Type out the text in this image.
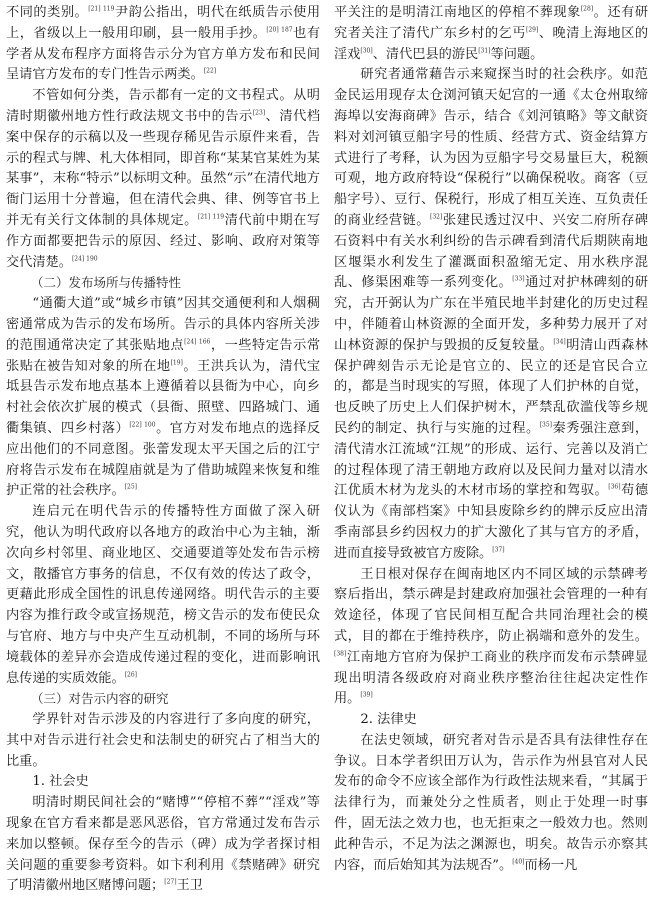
不同的类别。$^{[21] 119}$尹韵公指出，明代在纸质告示使用上，省级以上一般用印刷，县一般用手抄。$^{[20] 187}$也有学者从发布程序方面将告示分为官方单方发布和民间呈请官方发布的专门性告示两类。[22]

不管如何分类，告示都有一定的文书程式。从明清时期徽州地方性行政法规文书中的告示[23]、清代档案中保存的示稿以及一些现存稀见告示原件来看，告示的程式与牌、札大体相同，即首称“某某官某姓为某某事”，末称“特示”以标明文种。虽然“示”在清代地方衙门运用十分普遍，但在清代会典、律、例等官书上并无有关行文体制的具体规定。$^{[21] 119}$清代前中期在写作方面都要把告示的原因、经过、影响、政府对策等交代清楚。$^{[24] 190}$

（二）发布场所与传播特性

“通衢大道”或“城乡市镇”因其交通便利和人烟稠密通常成为告示的发布场所。告示的具体内容所关涉的范围通常决定了其张贴地点$^{[24] 166}$，一些特定告示常张贴在被告知对象的所在地[19]。王洪兵认为，清代宝坻县告示发布地点基本上遵循着以县衙为中心，向乡村社会依次扩展的模式（县衙、照壁、四路城门、通衢集镇、四乡村落）$^{[22] 100}$。官方对发布地点的选择反应出他们的不同意图。张蕾发现太平天国之后的江宁府将告示发布在城隍庙就是为了借助城隍来恢复和维护正常的社会秩序。[25]

连启元在明代告示的传播特性方面做了深入研究，他认为明代政府以各地方的政治中心为主轴，渐次向乡村邻里、商业地区、交通要道等处发布告示榜文，散播官方事务的信息，不仅有效的传达了政令，更藉此形成全国性的讯息传递网络。明代告示的主要内容为推行政令或宣扬规范，榜文告示的发布使民众与官府、地方与中央产生互动机制，不同的场所与环境载体的差异亦会造成传递过程的变化，进而影响讯息传递的实质效能。[26]

（三）对告示内容的研究

学界针对告示涉及的内容进行了多向度的研究，其中对告示进行社会史和法制史的研究占了相当大的比重。

1. 社会史

明清时期民间社会的“赌博”“停棺不葬”“淫戏”等现象在官方看来都是恶风恶俗，官方常通过发布告示来加以整顿。保存至今的告示（碑）成为学者探讨相关问题的重要参考资料。如卞利利用《禁赌碑》研究了明清徽州地区赌博问题；[27]王卫

平关注的是明清江南地区的停棺不葬现象[28]。还有研究者关注了清代广东乡村的乞丐[29]、晚清上海地区的淫戏[30]、清代巴县的游民[31]等问题。

研究者通常藉告示来窥探当时的社会秩序。如范金民运用现存太仓浏河镇天妃宫的一通《太仓州取缔海埠以安海商碑》告示，结合《刘河镇略》等文献资料对刘河镇豆船字号的性质、经营方式、资金结算方式进行了考释，认为因为豆船字号交易量巨大，税额可观，地方政府特设“保税行”以确保税收。商客（豆船字号）、豆行、保税行，形成了相互关连、互负责任的商业经营链。[32]张建民透过汉中、兴安二府所存碑石资料中有关水利纠纷的告示碑看到清代后期陕南地区堰渠水利发生了灌溉面积盈缩无定、用水秩序混乱、修渠困难等一系列变化。[33]通过对护林碑刻的研究，古开弼认为广东在半殖民地半封建化的历史过程中，伴随着山林资源的全面开发，多种势力展开了对山林资源的保护与毁损的反复较量。[34]明清山西森林保护碑刻告示无论是官立的、民立的还是官民合立的，都是当时现实的写照，体现了人们护林的自觉，也反映了历史上人们保护树木，严禁乱砍滥伐等乡规民约的制定、执行与实施的过程。[35]秦秀强注意到，清代清水江流域“江规”的形成、运行、完善以及消亡的过程体现了清王朝地方政府以及民间力量对以清水江优质木材为龙头的木材市场的掌控和驾驭。[36]苟德仪认为《南部档案》中知县废除乡约的牌示反应出清季南部县乡约因权力的扩大激化了其与官方的矛盾，进而直接导致被官方废除。[37]

王日根对保存在闽南地区内不同区域的示禁碑考察后指出，禁示碑是封建政府加强社会管理的一种有效途径，体现了官民间相互配合共同治理社会的模式，目的都在于维持秩序，防止祸端和意外的发生。[38]江南地方官府为保护工商业的秩序而发布示禁碑显现出明清各级政府对商业秩序整治往往起决定性作用。[39]

2. 法律史

在法史领域，研究者对告示是否具有法律性存在争议。日本学者织田万认为，告示作为州县官对人民发布的命令不应该全部作为行政性法规来看，“其属于法律行为，而兼处分之性质者，则止于处理一时事件，固无法之效力也，也无拒束之一般效力也。然则此种告示，不足为法之渊源也，明矣。故告示亦察其内容，而后始知其为法规否”。[40]而杨一凡
